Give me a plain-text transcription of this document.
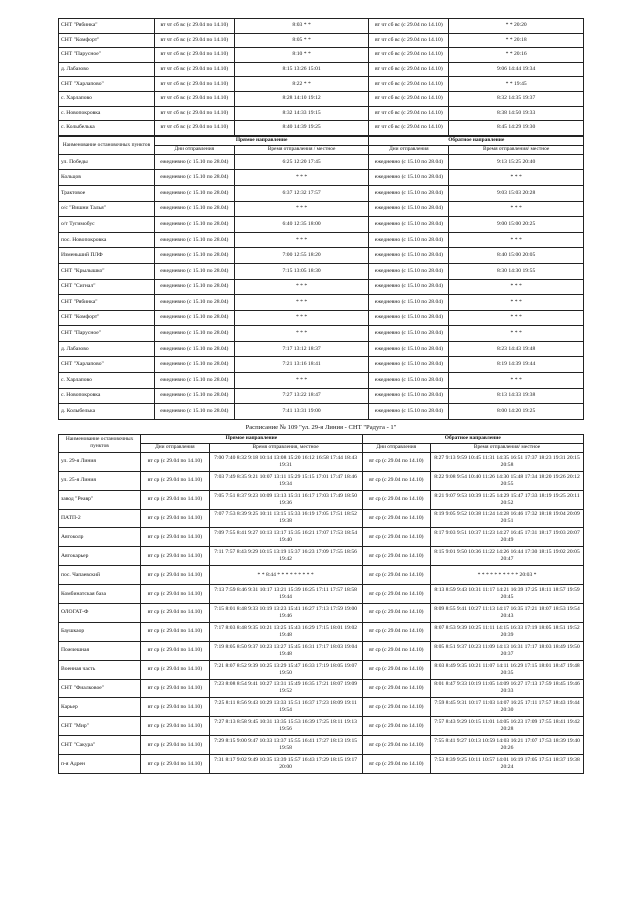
СНТ "Рябинка"	вт чт сб вс (с 29.04 по 14.10)	8:03 * *	вт чт сб вс (с 29.04 по 14.10)	* * 20:20
СНТ "Комфорт"	вт чт сб вс (с 29.04 по 14.10)	8:05 * *	вт чт сб вс (с 29.04 по 14.10)	* * 20:18
СНТ "Парусное"	вт чт сб вс (с 29.04 по 14.10)	8:10 * *	вт чт сб вс (с 29.04 по 14.10)	* * 20:16
д. Лабазово	вт чт сб вс (с 29.04 по 14.10)	8:15 13:26 15:01	вт чт сб вс (с 29.04 по 14.10)	9:06 14:44 19:34
СНТ "Харлапово"	вт чт сб вс (с 29.04 по 14.10)	8:22 * *	вт чт сб вс (с 29.04 по 14.10)	* * 19:45
с. Харлапово	вт чт сб вс (с 29.04 по 14.10)	8:28 14:10 19:12	вт чт сб вс (с 29.04 по 14.10)	8:32 14:35 19:37
с. Новопокровка	вт чт сб вс (с 29.04 по 14.10)	8:32 14:33 19:15	вт чт сб вс (с 29.04 по 14.10)	8:38 14:50 19:33
с. Колыбелька	вт чт сб вс (с 29.04 по 14.10)	8:40 14:39 19:25	вт чт сб вс (с 29.04 по 14.10)	8:45 14:29 19:30
Наименование остановочных пунктов	Прямое направление		Обратное направление	
	Дни отправления	Время отправления / местное	Дни отправления	Время отправления/ местное
ул. Победы	ежедневно (с 15.10 по 28.04)	6:25 12:20 17:45	ежедневно (с 15.10 по 28.04)	9:13 15:25 20:40
Кольцов	ежедневно (с 15.10 по 28.04)	* * *	ежедневно (с 15.10 по 28.04)	* * *
Трактовое	ежедневно (с 15.10 по 28.04)	6:37 12:32 17:57	ежедневно (с 15.10 по 28.04)	9:03 15:03 20:28
о/с "Вишни Талья"	ежедневно (с 15.10 по 28.04)	* * *	ежедневно (с 15.10 по 28.04)	* * *
о/т Тугимобус	ежедневно (с 15.10 по 28.04)	6:40 12:35 18:00	ежедневно (с 15.10 по 28.04)	9:00 15:00 20:25
пос. Новопокровка	ежедневно (с 15.10 по 28.04)	* * *	ежедневно (с 15.10 по 28.04)	* * *
Изменьший ПЛФ	ежедневно (с 15.10 по 28.04)	7:00 12:55 18:20	ежедневно (с 15.10 по 28.04)	8:40 15:00 20:05
СНТ "Крылышко"	ежедневно (с 15.10 по 28.04)	7:15 13:05 18:30	ежедневно (с 15.10 по 28.04)	8:30 14:30 19:55
СНТ "Сигнал"	ежедневно (с 15.10 по 28.04)	* * *	ежедневно (с 15.10 по 28.04)	* * *
СНТ "Рябинка"	ежедневно (с 15.10 по 28.04)	* * *	ежедневно (с 15.10 по 28.04)	* * *
СНТ "Комфорт"	ежедневно (с 15.10 по 28.04)	* * *	ежедневно (с 15.10 по 28.04)	* * *
СНТ "Парусное"	ежедневно (с 15.10 по 28.04)	* * *	ежедневно (с 15.10 по 28.04)	* * *
д. Лабазово	ежедневно (с 15.10 по 28.04)	7:17 13:12 18:37	ежедневно (с 15.10 по 28.04)	8:23 14:43 19:48
СНТ "Харлапово"	ежедневно (с 15.10 по 28.04)	7:21 13:16 18:41	ежедневно (с 15.10 по 28.04)	8:19 14:39 19:44
с. Харлапово	ежедневно (с 15.10 по 28.04)	* * *	ежедневно (с 15.10 по 28.04)	* * *
с. Новопокровка	ежедневно (с 15.10 по 28.04)	7:27 13:22 18:47	ежедневно (с 15.10 по 28.04)	8:13 14:33 19:38
д. Колыбелька	ежедневно (с 15.10 по 28.04)	7:41 13:31 19:00	ежедневно (с 15.10 по 28.04)	8:00 14:20 19:25
Расписание № 109 "ул. 29-я Линия - СНТ "Радуга - 1"
Наименование остановочных пунктов	Прямое направление		Обратное направление	
	Дни отправления	Время отправления, местное	Дни отправления	Время отправления/ местное
ул. 29-я Линия	вт ср (с 29.04 по 14.10)	7:00 7:40 8:32 9:18 10:14 13:08 15:20 16:12 16:58 17:44 18:43 19:31	вт ср (с 29.04 по 14.10)	8:27 9:13 9:59 10:45 11:31 14:35 16:51 17:37 18:23 19:31 20:15 20:58
ул. 25-я Линия	вт ср (с 29.04 по 14.10)	7:03 7:49 8:35 9:21 10:07 13:11 15:29 15:15 17:01 17:47 18:46 19:34	вт ср (с 29.04 по 14.10)	8:22 9:08 9:54 10:40 11:26 14:30 15:48 17:34 18:20 19:26 20:12 20:55
завод "Реавр"	вт ср (с 29.04 по 14.10)	7:05 7:51 8:37 9:23 10:09 13:13 15:31 16:17 17:03 17:49 18:50 19:36	вт ср (с 29.04 по 14.10)	8:21 9:07 9:53 10:39 11:25 14:29 15:47 17:33 18:19 19:25 20:11 20:52
ПАТП-2	вт ср (с 29.04 по 14.10)	7:07 7:53 8:39 9:25 10:11 13:15 15:33 16:19 17:05 17:51 18:52 19:38	вт ср (с 29.04 по 14.10)	8:19 9:05 9:52 10:38 11:24 14:28 16:46 17:32 18:18 19:04 20:09 20:51
Автоколр	вт ср (с 29.04 по 14.10)	7:09 7:55 8:41 9:27 10:13 13:17 15:35 16:21 17:07 17:53 18:54 19:40	вт ср (с 29.04 по 14.10)	8:17 9:03 9:51 10:37 11:23 14:27 16:45 17:31 18:17 19:03 20:07 20:49
Автокарьер	вт ср (с 29.04 по 14.10)	7:11 7:57 8:43 9:29 10:15 13:19 15:37 16:23 17:09 17:55 18:56 19:42	вт ср (с 29.04 по 14.10)	8:15 9:01 9:50 10:36 11:22 14:26 16:44 17:30 18:15 19:02 20:05 20:47
пос. Чапаевский	вт ср (с 29.04 по 14.10)	* * 8:44 * * * * * * * * *	вт ср (с 29.04 по 14.10)	* * * * * * * * * * 20:03 *
Комбинатская база	вт ср (с 29.04 по 14.10)	7:13 7:59 8:46 9:31 10:17 13:21 15:39 16:25 17:11 17:57 18:58 19:44	вт ср (с 29.04 по 14.10)	8:13 8:59 9:43 10:31 11:17 14:21 16:39 17:25 18:11 18:57 19:59 20:45
ОЛОГАТ-Ф	вт ср (с 29.04 по 14.10)	7:15 8:01 8:48 9:33 10:19 13:23 15:41 16:27 17:13 17:59 19:00 19:46	вт ср (с 29.04 по 14.10)	8:09 8:55 9:41 10:27 11:13 14:17 16:35 17:21 18:07 18:53 19:54 20:43
Баушкаор	вт ср (с 29.04 по 14.10)	7:17 8:03 8:48 9:35 10:21 13:25 15:43 16:29 17:15 18:01 19:02 19:48	вт ср (с 29.04 по 14.10)	8:07 8:53 9:39 10:25 11:11 14:15 16:33 17:19 18:05 18:51 19:52 20:39
Пожчешная	вт ср (с 29.04 по 14.10)	7:19 8:05 8:50 9:37 10:23 13:27 15:45 16:31 17:17 18:03 19:04 19:48	вт ср (с 29.04 по 14.10)	8:05 8:51 9:37 10:23 11:09 14:13 16:31 17:17 18:03 18:49 19:50 20:37
Военная часть	вт ср (с 29.04 по 14.10)	7:21 8:07 8:52 9:39 10:25 13:29 15:47 16:33 17:19 18:05 19:07 19:50	вт ср (с 29.04 по 14.10)	8:03 8:49 9:35 10:21 11:07 14:11 16:29 17:15 18:01 18:47 19:48 20:35
СНТ "Фиалковое"	вт ср (с 29.04 по 14.10)	7:23 8:08 8:54 9:41 10:27 13:31 15:49 16:35 17:21 18:07 19:09 19:52	вт ср (с 29.04 по 14.10)	8:01 8:47 9:33 10:19 11:05 14:09 16:27 17:13 17:59 18:45 19:46 20:33
Карьер	вт ср (с 29.04 по 14.10)	7:25 8:11 8:56 9:43 10:29 13:33 15:51 16:37 17:23 18:09 19:11 19:54	вт ср (с 29.04 по 14.10)	7:59 8:45 9:31 10:17 11:03 14:07 16:25 17:11 17:57 18:43 19:44 20:30
СНТ "Мир"	вт ср (с 29.04 по 14.10)	7:27 8:13 8:58 9:45 10:31 13:35 15:53 16:39 17:25 18:11 19:13 19:56	вт ср (с 29.04 по 14.10)	7:57 8:43 9:29 10:15 11:01 14:05 16:23 17:09 17:55 18:41 19:42 20:28
СНТ "Сакура"	вт ср (с 29.04 по 14.10)	7:29 8:15 9:00 9:47 10:33 13:37 15:55 16:41 17:27 18:13 19:15 19:58	вт ср (с 29.04 по 14.10)	7:55 8:41 9:27 10:13 10:59 14:03 16:21 17:07 17:53 18:39 19:40 20:26
п-я Адрен	вт ср (с 29.04 по 14.10)	7:31 8:17 9:02 9:49 10:35 13:39 15:57 16:43 17:29 18:15 19:17 20:00	вт ср (с 29.04 по 14.10)	7:53 8:39 9:25 10:11 10:57 14:01 16:19 17:05 17:51 18:37 19:38 20:24
